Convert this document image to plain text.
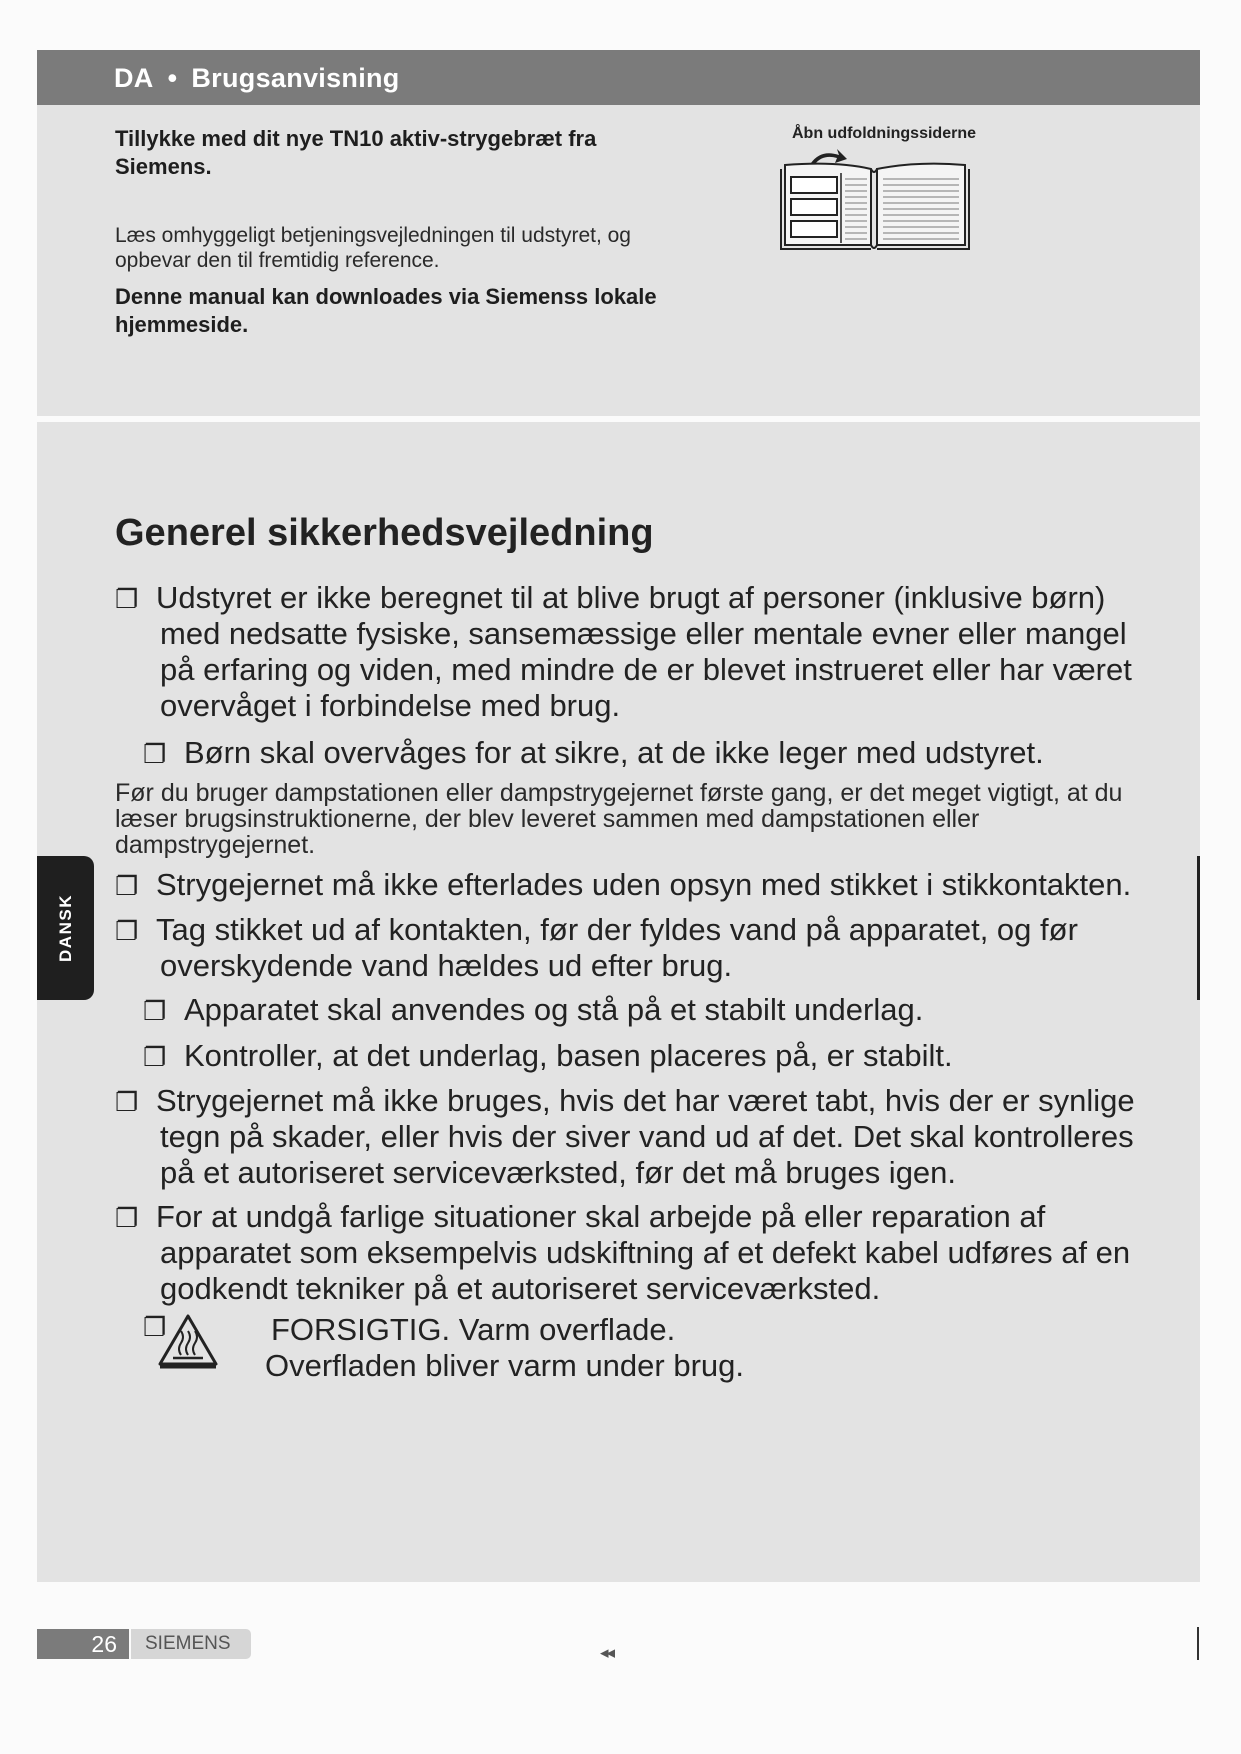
DA • Brugsanvisning
Tillykke med dit nye TN10 aktiv-strygebræt fra Siemens.
Læs omhyggeligt betjeningsvejledningen til udstyret, og opbevar den til fremtidig reference.
Denne manual kan downloades via Siemenss lokale hjemmeside.
Åbn udfoldningssiderne
Generel sikkerhedsvejledning
❐ Udstyret er ikke beregnet til at blive brugt af personer (inklusive børn) med nedsatte fysiske, sansemæssige eller mentale evner eller mangel på erfaring og viden, med mindre de er blevet instrueret eller har været overvåget i forbindelse med brug.
❐ Børn skal overvåges for at sikre, at de ikke leger med udstyret.
Før du bruger dampstationen eller dampstrygejernet første gang, er det meget vigtigt, at du læser brugsinstruktionerne, der blev leveret sammen med dampstationen eller dampstrygejernet.
❐ Strygejernet må ikke efterlades uden opsyn med stikket i stikkontakten.
❐ Tag stikket ud af kontakten, før der fyldes vand på apparatet, og før overskydende vand hældes ud efter brug.
❐ Apparatet skal anvendes og stå på et stabilt underlag.
❐ Kontroller, at det underlag, basen placeres på, er stabilt.
❐ Strygejernet må ikke bruges, hvis det har været tabt, hvis der er synlige tegn på skader, eller hvis der siver vand ud af det. Det skal kontrolleres på et autoriseret serviceværksted, før det må bruges igen.
❐ For at undgå farlige situationer skal arbejde på eller reparation af apparatet som eksempelvis udskiftning af et defekt kabel udføres af en godkendt tekniker på et autoriseret serviceværksted.
❐	FORSIGTIG. Varm overflade.
Overfladen bliver varm under brug.
DANSK
26	SIEMENS	◂◂
